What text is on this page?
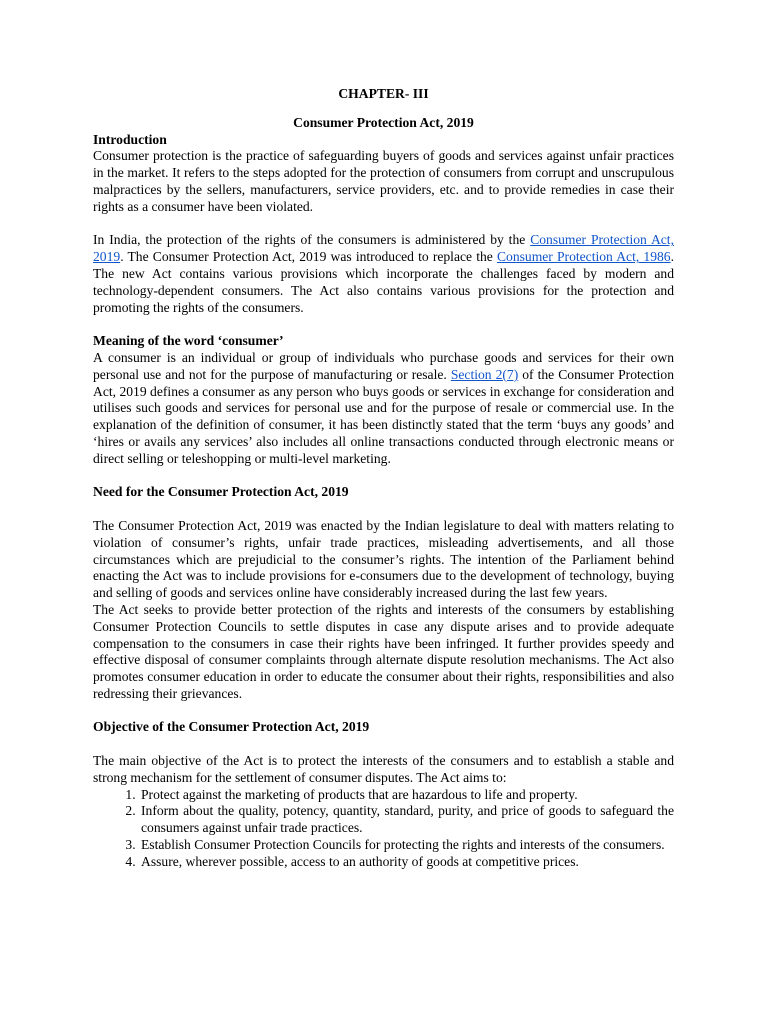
CHAPTER- III
Consumer Protection Act, 2019
Introduction

Consumer protection is the practice of safeguarding buyers of goods and services against unfair practices in the market. It refers to the steps adopted for the protection of consumers from corrupt and unscrupulous malpractices by the sellers, manufacturers, service providers, etc. and to provide remedies in case their rights as a consumer have been violated.

In India, the protection of the rights of the consumers is administered by the Consumer Protection Act, 2019. The Consumer Protection Act, 2019 was introduced to replace the Consumer Protection Act, 1986. The new Act contains various provisions which incorporate the challenges faced by modern and technology-dependent consumers. The Act also contains various provisions for the protection and promoting the rights of the consumers.

Meaning of the word ‘consumer’

A consumer is an individual or group of individuals who purchase goods and services for their own personal use and not for the purpose of manufacturing or resale. Section 2(7) of the Consumer Protection Act, 2019 defines a consumer as any person who buys goods or services in exchange for consideration and utilises such goods and services for personal use and for the purpose of resale or commercial use. In the explanation of the definition of consumer, it has been distinctly stated that the term ‘buys any goods’ and ‘hires or avails any services’ also includes all online transactions conducted through electronic means or direct selling or teleshopping or multi-level marketing.

Need for the Consumer Protection Act, 2019

The Consumer Protection Act, 2019 was enacted by the Indian legislature to deal with matters relating to violation of consumer’s rights, unfair trade practices, misleading advertisements, and all those circumstances which are prejudicial to the consumer’s rights. The intention of the Parliament behind enacting the Act was to include provisions for e-consumers due to the development of technology, buying and selling of goods and services online have considerably increased during the last few years.

The Act seeks to provide better protection of the rights and interests of the consumers by establishing Consumer Protection Councils to settle disputes in case any dispute arises and to provide adequate compensation to the consumers in case their rights have been infringed. It further provides speedy and effective disposal of consumer complaints through alternate dispute resolution mechanisms. The Act also promotes consumer education in order to educate the consumer about their rights, responsibilities and also redressing their grievances.

Objective of the Consumer Protection Act, 2019

The main objective of the Act is to protect the interests of the consumers and to establish a stable and strong mechanism for the settlement of consumer disputes. The Act aims to:

1. Protect against the marketing of products that are hazardous to life and property.
2. Inform about the quality, potency, quantity, standard, purity, and price of goods to safeguard the consumers against unfair trade practices.
3. Establish Consumer Protection Councils for protecting the rights and interests of the consumers.
4. Assure, wherever possible, access to an authority of goods at competitive prices.
